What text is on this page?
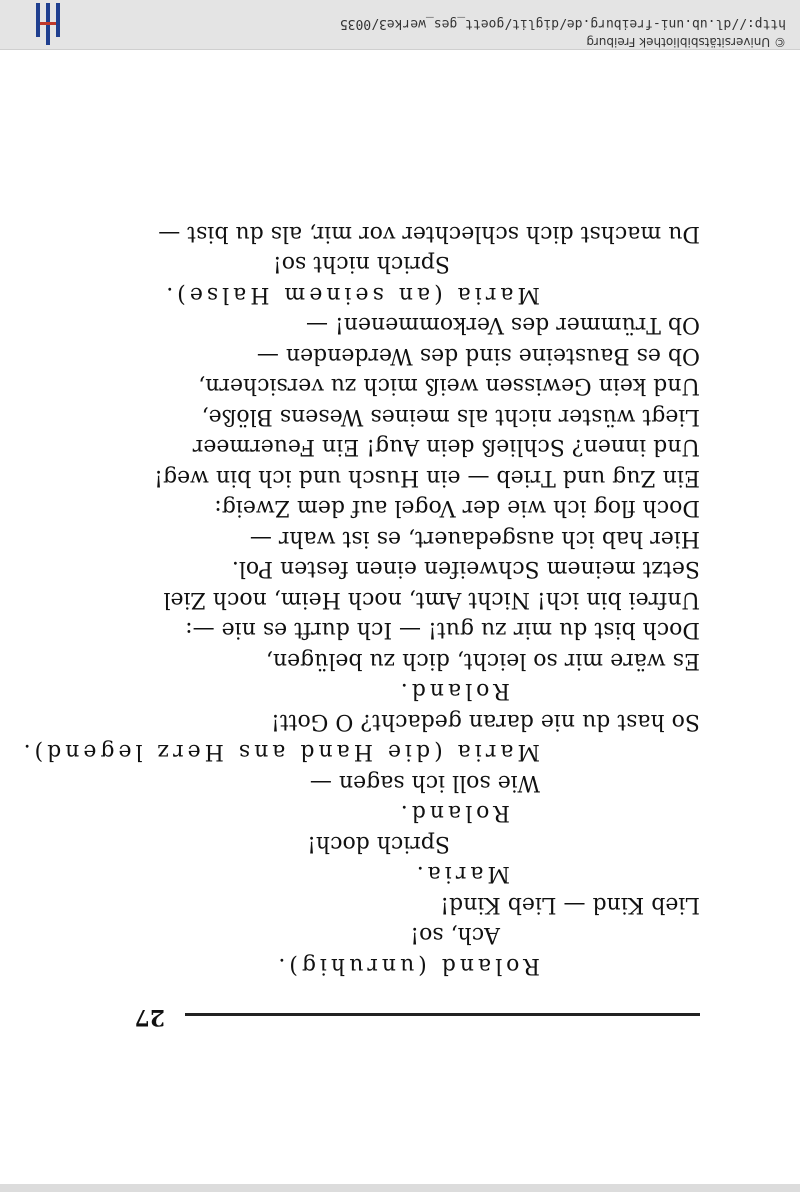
27
Roland (unruhig).
Ach, so!
Lieb Kind — Lieb Kind!
Maria.
Sprich doch!
Roland.
Wie soll ich sagen —
Maria (die Hand ans Herz legend).
So hast du nie daran gedacht? O Gott!
Roland.
Es wäre mir so leicht, dich zu belügen,
Doch bist du mir zu gut! — Ich durft es nie —:
Unfrei bin ich! Nicht Amt, noch Heim, noch Ziel
Setzt meinem Schweifen einen festen Pol.
Hier hab ich ausgedauert, es ist wahr —
Doch flog ich wie der Vogel auf dem Zweig:
Ein Zug und Trieb — ein Husch und ich bin weg!
Und innen? Schließ dein Aug! Ein Feuermeer
Liegt wüster nicht als meines Wesens Blöße,
Und kein Gewissen weiß mich zu versichern,
Ob es Bausteine sind des Werdenden —
Ob Trümmer des Verkommenen! —
Maria (an seinem Halse).
Sprich nicht so!
Du machst dich schlechter vor mir, als du bist —
http://dl.ub.uni-freiburg.de/diglit/goett_ges_werke3/0035
© Universitätsbibliothek Freiburg
